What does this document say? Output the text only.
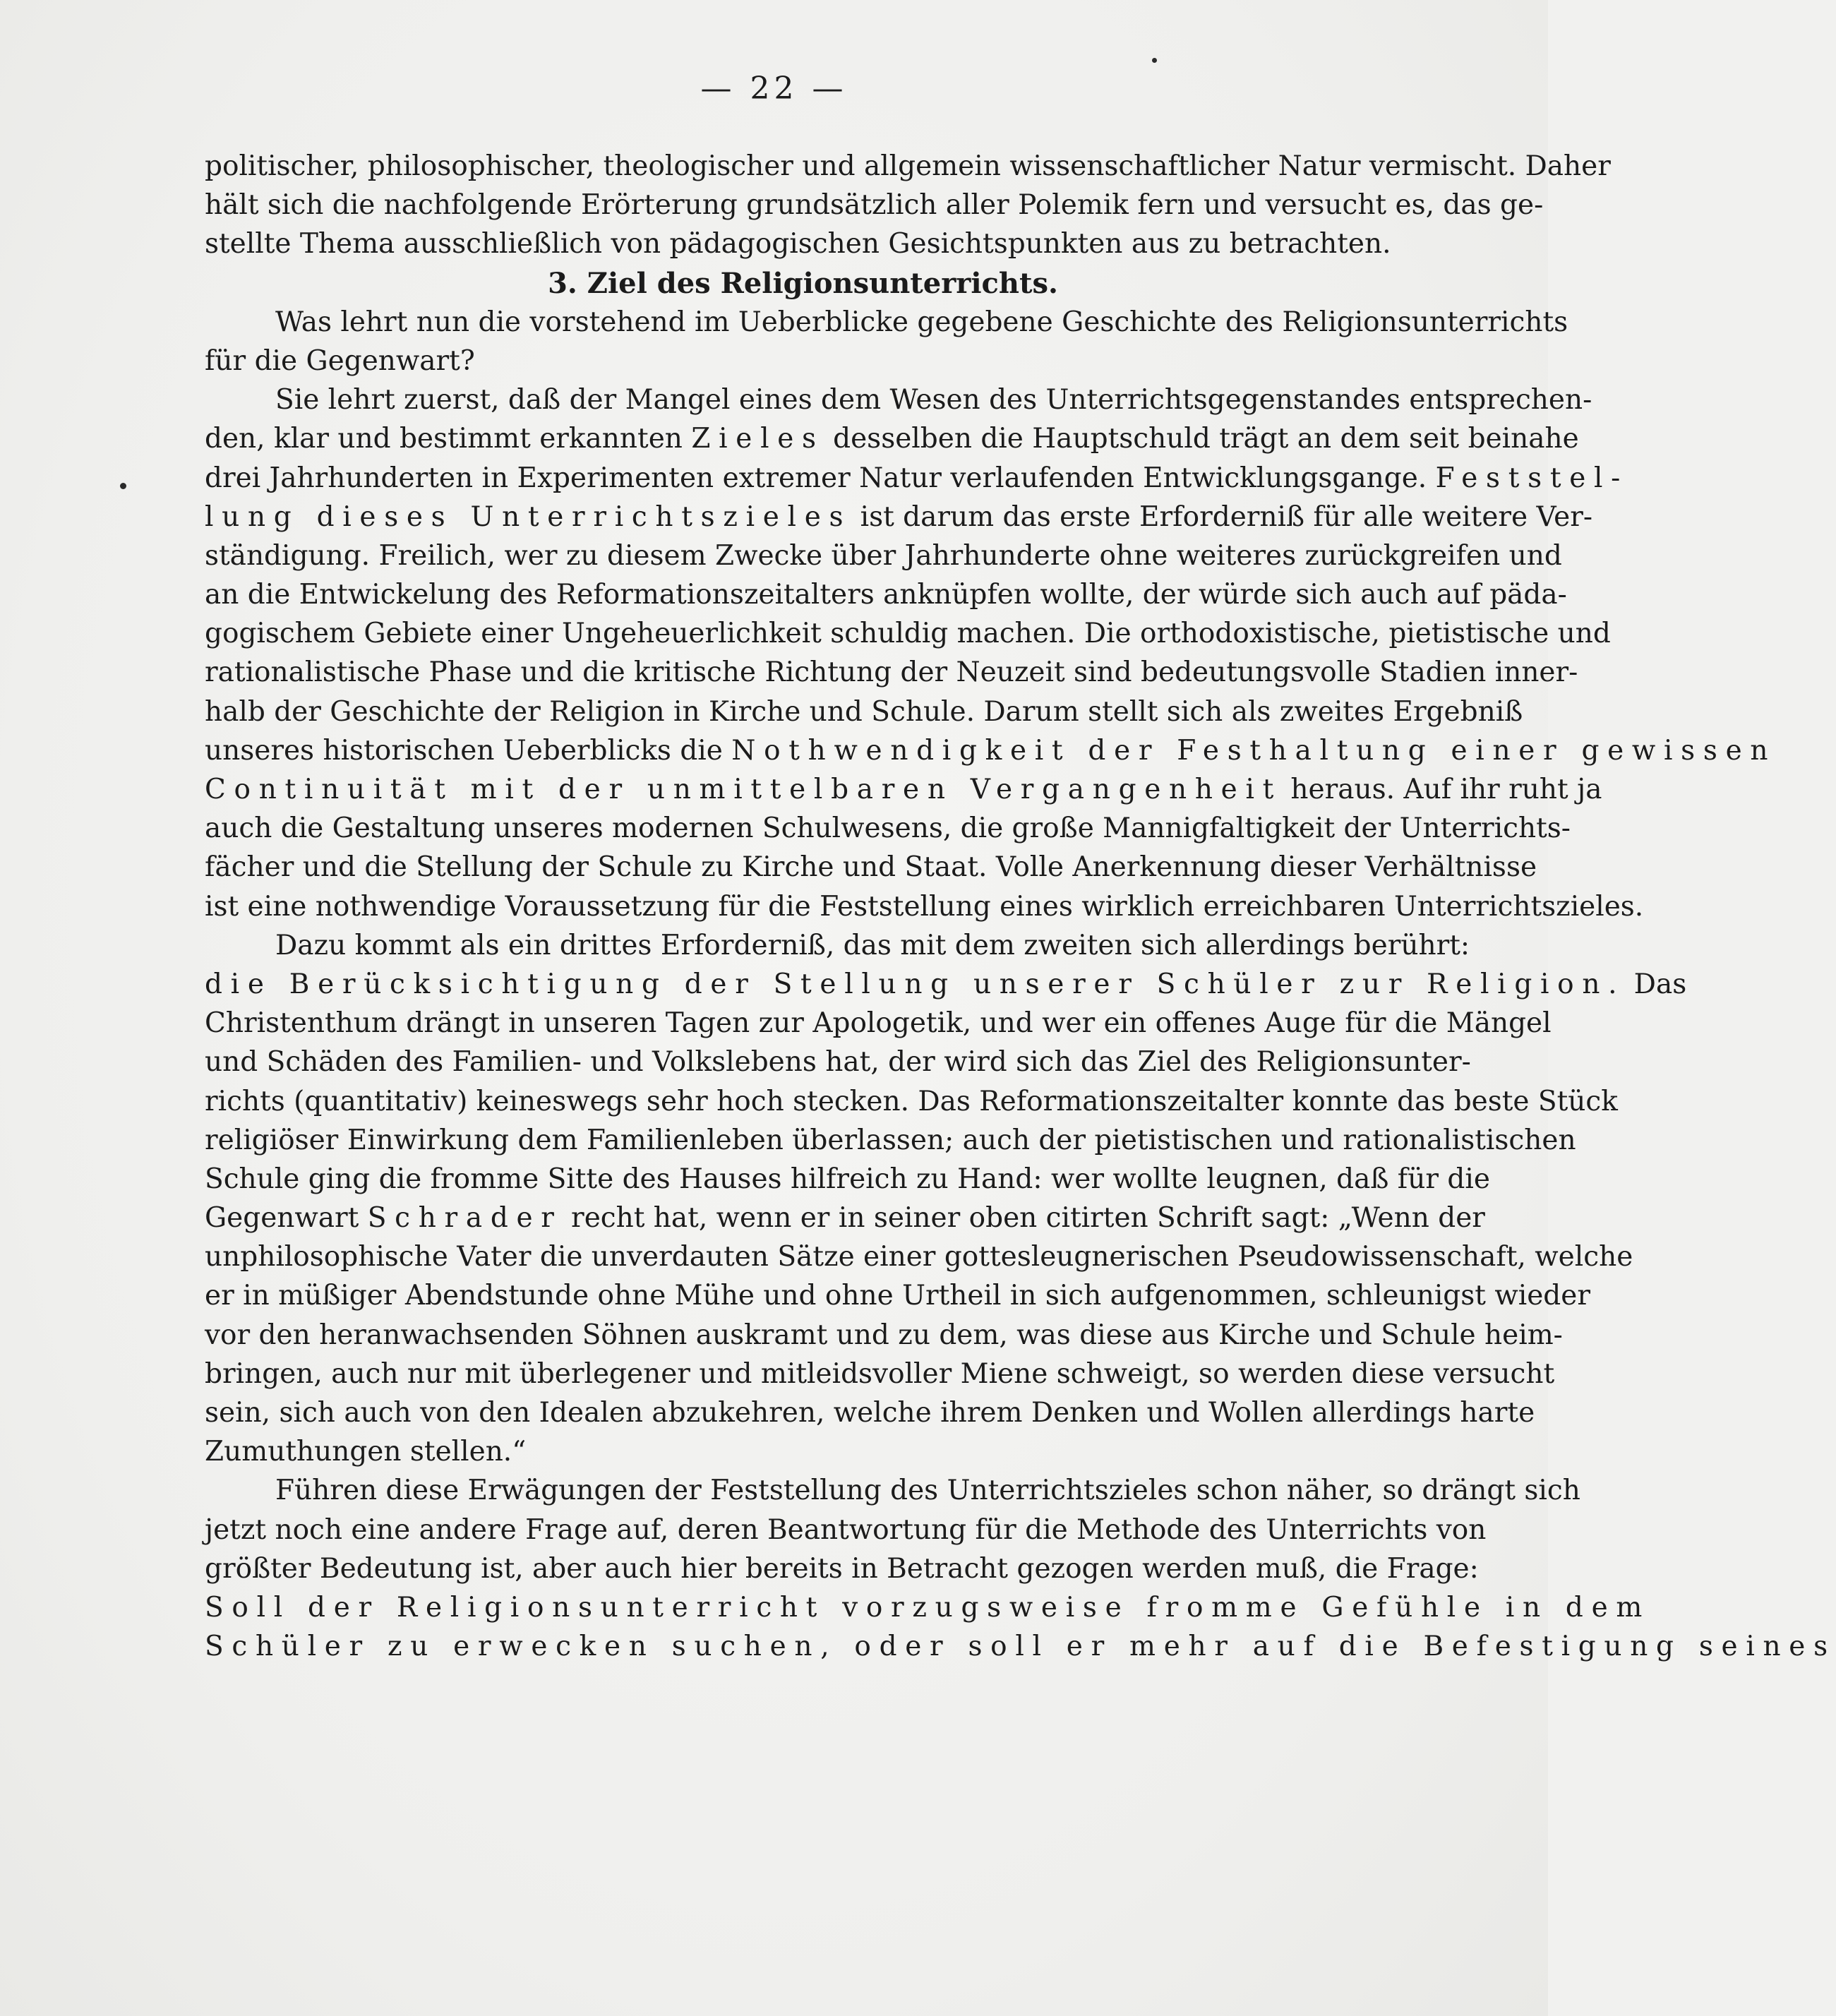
— 22 —
politischer, philosophischer, theologischer und allgemein wissenschaftlicher Natur vermischt. Daher
hält sich die nachfolgende Erörterung grundsätzlich aller Polemik fern und versucht es, das ge-
stellte Thema ausschließlich von pädagogischen Gesichtspunkten aus zu betrachten.
3. Ziel des Religionsunterrichts.
Was lehrt nun die vorstehend im Ueberblicke gegebene Geschichte des Religionsunterrichts
für die Gegenwart?
Sie lehrt zuerst, daß der Mangel eines dem Wesen des Unterrichtsgegenstandes entsprechen-
den, klar und bestimmt erkannten Zieles desselben die Hauptschuld trägt an dem seit beinahe
drei Jahrhunderten in Experimenten extremer Natur verlaufenden Entwicklungsgange. Feststel-
lung dieses Unterrichtszieles ist darum das erste Erforderniß für alle weitere Ver-
ständigung. Freilich, wer zu diesem Zwecke über Jahrhunderte ohne weiteres zurückgreifen und
an die Entwickelung des Reformationszeitalters anknüpfen wollte, der würde sich auch auf päda-
gogischem Gebiete einer Ungeheuerlichkeit schuldig machen. Die orthodoxistische, pietistische und
rationalistische Phase und die kritische Richtung der Neuzeit sind bedeutungsvolle Stadien inner-
halb der Geschichte der Religion in Kirche und Schule. Darum stellt sich als zweites Ergebniß
unseres historischen Ueberblicks die Nothwendigkeit der Festhaltung einer gewissen
Continuität mit der unmittelbaren Vergangenheit heraus. Auf ihr ruht ja
auch die Gestaltung unseres modernen Schulwesens, die große Mannigfaltigkeit der Unterrichts-
fächer und die Stellung der Schule zu Kirche und Staat. Volle Anerkennung dieser Verhältnisse
ist eine nothwendige Voraussetzung für die Feststellung eines wirklich erreichbaren Unterrichtszieles.
Dazu kommt als ein drittes Erforderniß, das mit dem zweiten sich allerdings berührt:
die Berücksichtigung der Stellung unserer Schüler zur Religion. Das
Christenthum drängt in unseren Tagen zur Apologetik, und wer ein offenes Auge für die Mängel
und Schäden des Familien- und Volkslebens hat, der wird sich das Ziel des Religionsunter-
richts (quantitativ) keineswegs sehr hoch stecken. Das Reformationszeitalter konnte das beste Stück
religiöser Einwirkung dem Familienleben überlassen; auch der pietistischen und rationalistischen
Schule ging die fromme Sitte des Hauses hilfreich zu Hand: wer wollte leugnen, daß für die
Gegenwart Schrader recht hat, wenn er in seiner oben citirten Schrift sagt: „Wenn der
unphilosophische Vater die unverdauten Sätze einer gottesleugnerischen Pseudowissenschaft, welche
er in müßiger Abendstunde ohne Mühe und ohne Urtheil in sich aufgenommen, schleunigst wieder
vor den heranwachsenden Söhnen auskramt und zu dem, was diese aus Kirche und Schule heim-
bringen, auch nur mit überlegener und mitleidsvoller Miene schweigt, so werden diese versucht
sein, sich auch von den Idealen abzukehren, welche ihrem Denken und Wollen allerdings harte
Zumuthungen stellen.“
Führen diese Erwägungen der Feststellung des Unterrichtszieles schon näher, so drängt sich
jetzt noch eine andere Frage auf, deren Beantwortung für die Methode des Unterrichts von
größter Bedeutung ist, aber auch hier bereits in Betracht gezogen werden muß, die Frage:
Soll der Religionsunterricht vorzugsweise fromme Gefühle in dem
Schüler zu erwecken suchen, oder soll er mehr auf die Befestigung seines
